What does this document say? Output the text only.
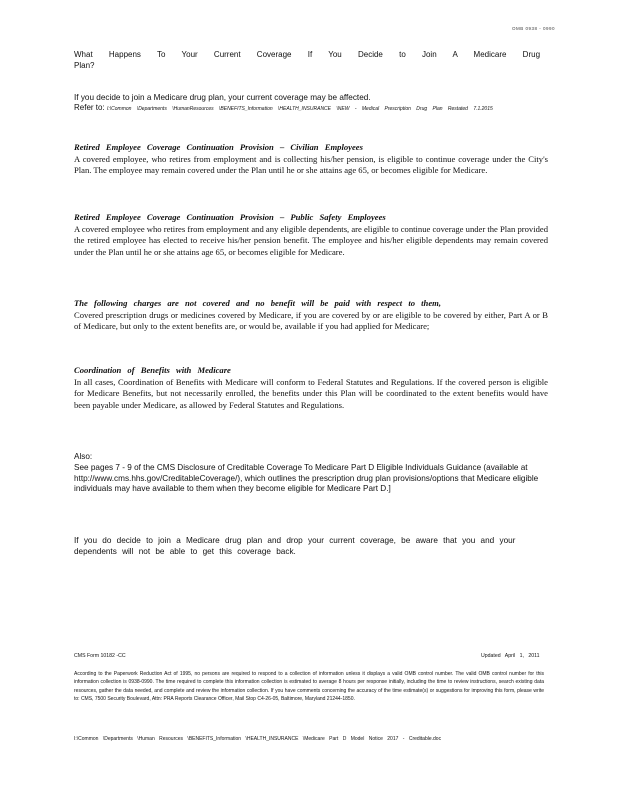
OMB 0938 - 0990
What Happens To Your Current Coverage If You Decide to Join A Medicare Drug Plan?

If you decide to join a Medicare drug plan, your current coverage may be affected.

Refer to: I:\Common \Departments \HumanResources \BENEFITS_Information \HEALTH_INSURANCE \NEW - Medical Prescription Drug Plan Restated 7.1.2015

Retired Employee Coverage Continuation Provision – Civilian Employees

A covered employee, who retires from employment and is collecting his/her pension, is eligible to continue coverage under the City's Plan. The employee may remain covered under the Plan until he or she attains age 65, or becomes eligible for Medicare.

Retired Employee Coverage Continuation Provision – Public Safety Employees

A covered employee who retires from employment and any eligible dependents, are eligible to continue coverage under the Plan provided the retired employee has elected to receive his/her pension benefit. The employee and his/her eligible dependents may remain covered under the Plan until he or she attains age 65, or becomes eligible for Medicare.

The following charges are not covered and no benefit will be paid with respect to them,

Covered prescription drugs or medicines covered by Medicare, if you are covered by or are eligible to be covered by either, Part A or B of Medicare, but only to the extent benefits are, or would be, available if you had applied for Medicare;

Coordination of Benefits with Medicare

In all cases, Coordination of Benefits with Medicare will conform to Federal Statutes and Regulations. If the covered person is eligible for Medicare Benefits, but not necessarily enrolled, the benefits under this Plan will be coordinated to the extent benefits would have been payable under Medicare, as allowed by Federal Statutes and Regulations.

Also:

See pages 7 - 9 of the CMS Disclosure of Creditable Coverage To Medicare Part D Eligible Individuals Guidance (available at http://www.cms.hhs.gov/CreditableCoverage/), which outlines the prescription drug plan provisions/options that Medicare eligible individuals may have available to them when they become eligible for Medicare Part D.]

If you do decide to join a Medicare drug plan and drop your current coverage, be aware that you and your dependents will not be able to get this coverage back.
CMS Form 10182 -CC	Updated April 1, 2011
According to the Paperwork Reduction Act of 1995, no persons are required to respond to a collection of information unless it displays a valid OMB control number. The valid OMB control number for this information collection is 0938-0990. The time required to complete this information collection is estimated to average 8 hours per response initially, including the time to review instructions, search existing data resources, gather the data needed, and complete and review the information collection. If you have comments concerning the accuracy of the time estimate(s) or suggestions for improving this form, please write to: CMS, 7500 Security Boulevard, Attn: PRA Reports Clearance Officer, Mail Stop C4-26-05, Baltimore, Maryland 21244-1850.
I:\Common \Departments \Human Resources \BENEFITS_Information \HEALTH_INSURANCE \Medicare Part D Model Notice 2017 - Creditable.doc
